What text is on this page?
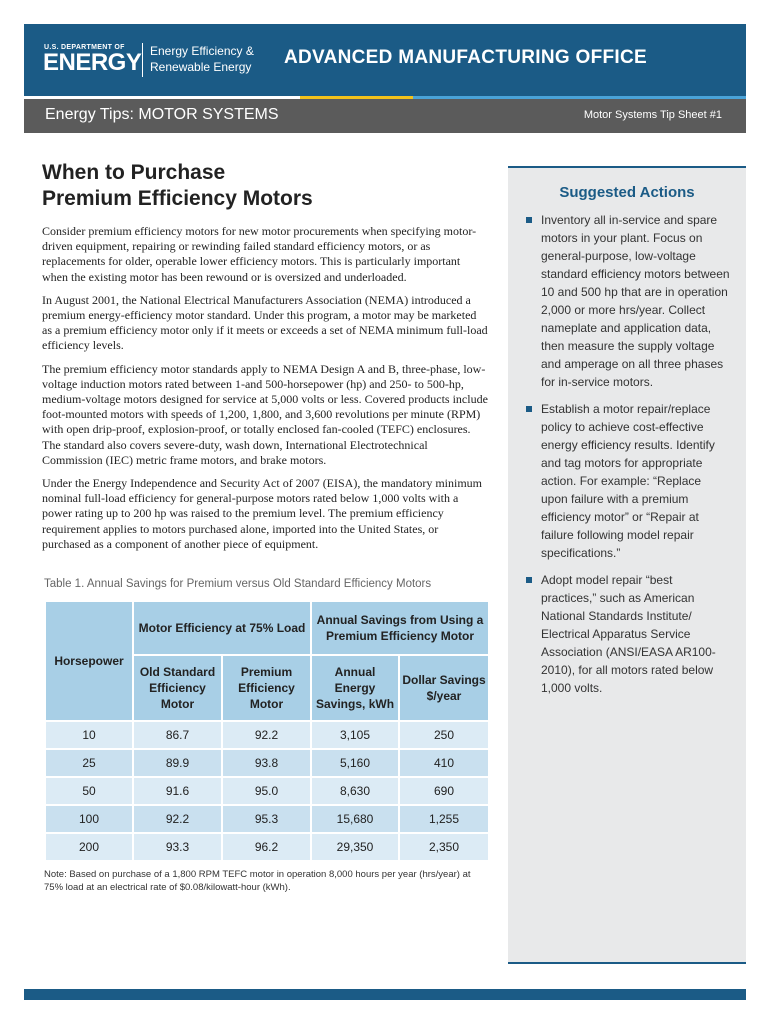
U.S. DEPARTMENT OF
ENERGY Energy Efficiency &
Renewable Energy ADVANCED MANUFACTURING OFFICE
Energy Tips: MOTOR SYSTEMS	Motor Systems Tip Sheet #1
When to Purchase
Premium Efficiency Motors

Consider premium efficiency motors for new motor procurements when specifying motor-driven equipment, repairing or rewinding failed standard efficiency motors, or as replacements for older, operable lower efficiency motors. This is particularly important when the existing motor has been rewound or is oversized and underloaded.

In August 2001, the National Electrical Manufacturers Association (NEMA) introduced a premium energy-efficiency motor standard. Under this program, a motor may be marketed as a premium efficiency motor only if it meets or exceeds a set of NEMA minimum full-load efficiency levels.

The premium efficiency motor standards apply to NEMA Design A and B, three-phase, low-voltage induction motors rated between 1-and 500-horsepower (hp) and 250- to 500-hp, medium-voltage motors designed for service at 5,000 volts or less. Covered products include foot-mounted motors with speeds of 1,200, 1,800, and 3,600 revolutions per minute (RPM) with open drip-proof, explosion-proof, or totally enclosed fan-cooled (TEFC) enclosures. The standard also covers severe-duty, wash down, International Electrotechnical Commission (IEC) metric frame motors, and brake motors.

Under the Energy Independence and Security Act of 2007 (EISA), the mandatory minimum nominal full-load efficiency for general-purpose motors rated below 1,000 volts with a power rating up to 200 hp was raised to the premium level. The premium efficiency requirement applies to motors purchased alone, imported into the United States, or purchased as a component of another piece of equipment.

Table 1. Annual Savings for Premium versus Old Standard Efficiency Motors
Horsepower	Motor Efficiency at 75% Load		Annual Savings from Using a Premium Efficiency Motor	
	Old Standard Efficiency Motor	Premium Efficiency Motor	Annual Energy Savings, kWh	Dollar Savings $/year
10	86.7	92.2	3,105	250
25	89.9	93.8	5,160	410
50	91.6	95.0	8,630	690
100	92.2	95.3	15,680	1,255
200	93.3	96.2	29,350	2,350
Note: Based on purchase of a 1,800 RPM TEFC motor in operation 8,000 hours per year (hrs/year) at 75% load at an electrical rate of $0.08/kilowatt-hour (kWh).
Suggested Actions
Inventory all in-service and spare motors in your plant. Focus on general-purpose, low-voltage standard efficiency motors between 10 and 500 hp that are in operation 2,000 or more hrs/year. Collect nameplate and application data, then measure the supply voltage and amperage on all three phases for in-service motors.
Establish a motor repair/replace policy to achieve cost-effective energy efficiency results. Identify and tag motors for appropriate action. For example: “Replace upon failure with a premium efficiency motor” or “Repair at failure following model repair specifications.”
Adopt model repair “best practices,” such as American National Standards Institute/ Electrical Apparatus Service Association (ANSI/EASA AR100-2010), for all motors rated below 1,000 volts.
